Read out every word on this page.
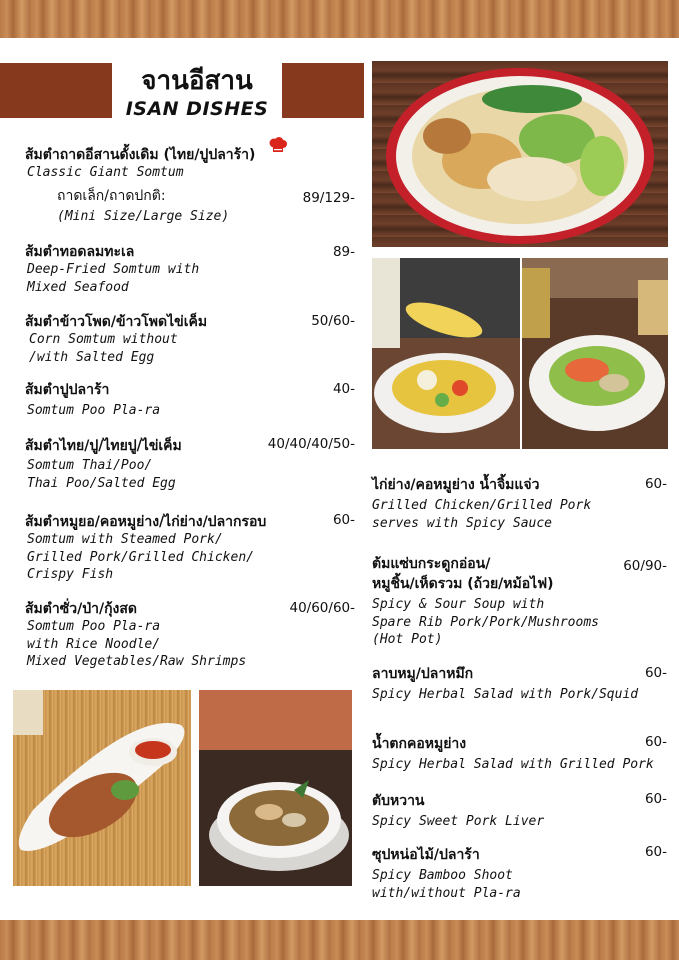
จานอีสาน
ISAN DISHES
ส้มตำถาดอีสานดั้งเดิม (ไทย/ปูปลาร้า)
Classic Giant Somtum
ถาดเล็ก/ถาดปกติ:
(Mini Size/Large Size)
89/129-
ส้มตำทอดลมทะเล
Deep-Fried Somtum with
Mixed Seafood
89-
ส้มตำข้าวโพด/ข้าวโพดไข่เค็ม
Corn Somtum without
/with Salted Egg
50/60-
ส้มตำปูปลาร้า
Somtum Poo Pla-ra
40-
ส้มตำไทย/ปู/ไทยปู/ไข่เค็ม
Somtum Thai/Poo/
Thai Poo/Salted Egg
40/40/40/50-
ส้มตำหมูยอ/คอหมูย่าง/ไก่ย่าง/ปลากรอบ
Somtum with Steamed Pork/
Grilled Pork/Grilled Chicken/
Crispy Fish
60-
ส้มตำซั่ว/ป่า/กุ้งสด
Somtum Poo Pla-ra
with Rice Noodle/
Mixed Vegetables/Raw Shrimps
40/60/60-
ไก่ย่าง/คอหมูย่าง น้ำจิ้มแจ่ว
Grilled Chicken/Grilled Pork
serves with Spicy Sauce
60-
ต้มแซ่บกระดูกอ่อน/
หมูชิ้น/เห็ดรวม (ถ้วย/หม้อไฟ)
Spicy & Sour Soup with
Spare Rib Pork/Pork/Mushrooms
(Hot Pot)
60/90-
ลาบหมู/ปลาหมึก
Spicy Herbal Salad with Pork/Squid
60-
น้ำตกคอหมูย่าง
Spicy Herbal Salad with Grilled Pork
60-
ตับหวาน
Spicy Sweet Pork Liver
60-
ซุปหน่อไม้/ปลาร้า
Spicy Bamboo Shoot
with/without Pla-ra
60-
